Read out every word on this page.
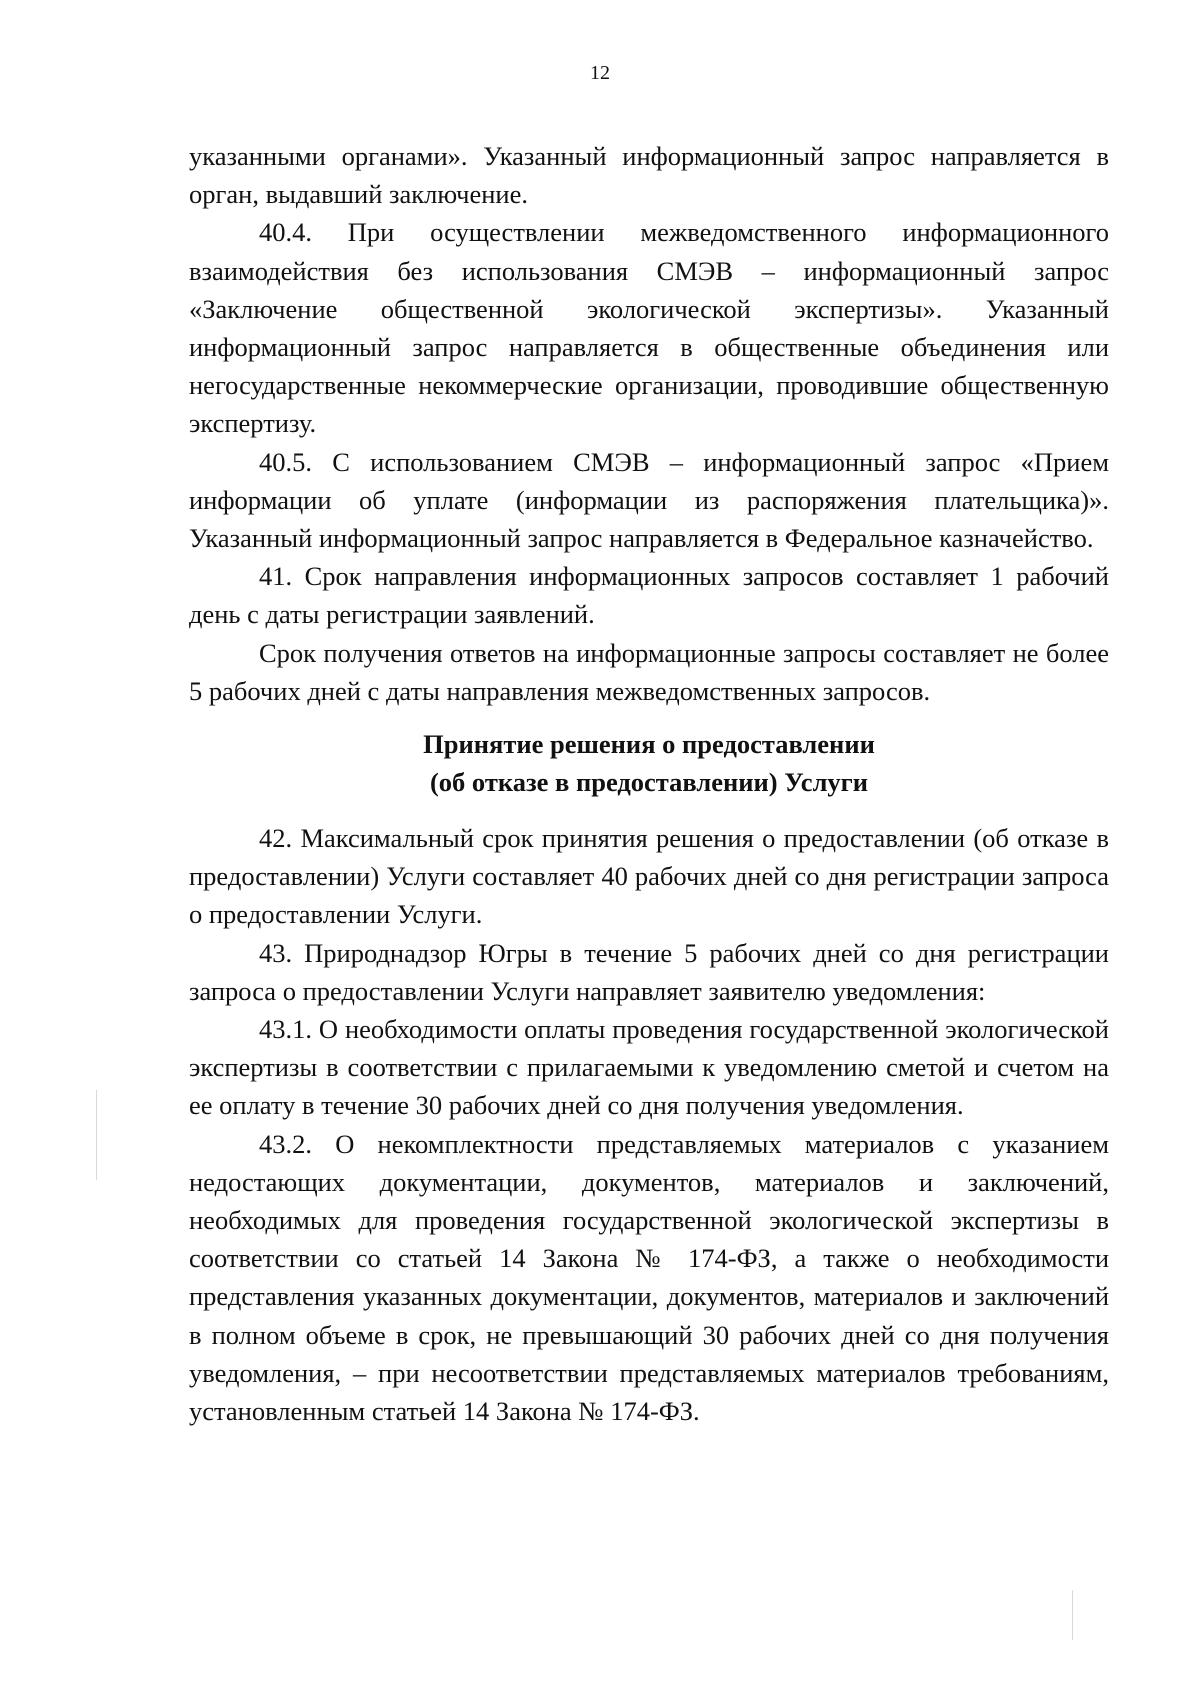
12

указанными органами». Указанный информационный запрос направляется в орган, выдавший заключение.

40.4. При осуществлении межведомственного информационного взаимодействия без использования СМЭВ – информационный запрос «Заключение общественной экологической экспертизы». Указанный информационный запрос направляется в общественные объединения или негосударственные некоммерческие организации, проводившие общественную экспертизу.

40.5. С использованием СМЭВ – информационный запрос «Прием информации об уплате (информации из распоряжения плательщика)». Указанный информационный запрос направляется в Федеральное казначейство.

41. Срок направления информационных запросов составляет 1 рабочий день с даты регистрации заявлений.

Срок получения ответов на информационные запросы составляет не более 5 рабочих дней с даты направления межведомственных запросов.

Принятие решения о предоставлении
(об отказе в предоставлении) Услуги

42. Максимальный срок принятия решения о предоставлении (об отказе в предоставлении) Услуги составляет 40 рабочих дней со дня регистрации запроса о предоставлении Услуги.

43. Природнадзор Югры в течение 5 рабочих дней со дня регистрации запроса о предоставлении Услуги направляет заявителю уведомления:

43.1. О необходимости оплаты проведения государственной экологической экспертизы в соответствии с прилагаемыми к уведомлению сметой и счетом на ее оплату в течение 30 рабочих дней со дня получения уведомления.

43.2. О некомплектности представляемых материалов с указанием недостающих документации, документов, материалов и заключений, необходимых для проведения государственной экологической экспертизы в соответствии со статьей 14 Закона № 174-ФЗ, а также о необходимости представления указанных документации, документов, материалов и заключений в полном объеме в срок, не превышающий 30 рабочих дней со дня получения уведомления, – при несоответствии представляемых материалов требованиям, установленным статьей 14 Закона № 174-ФЗ.
